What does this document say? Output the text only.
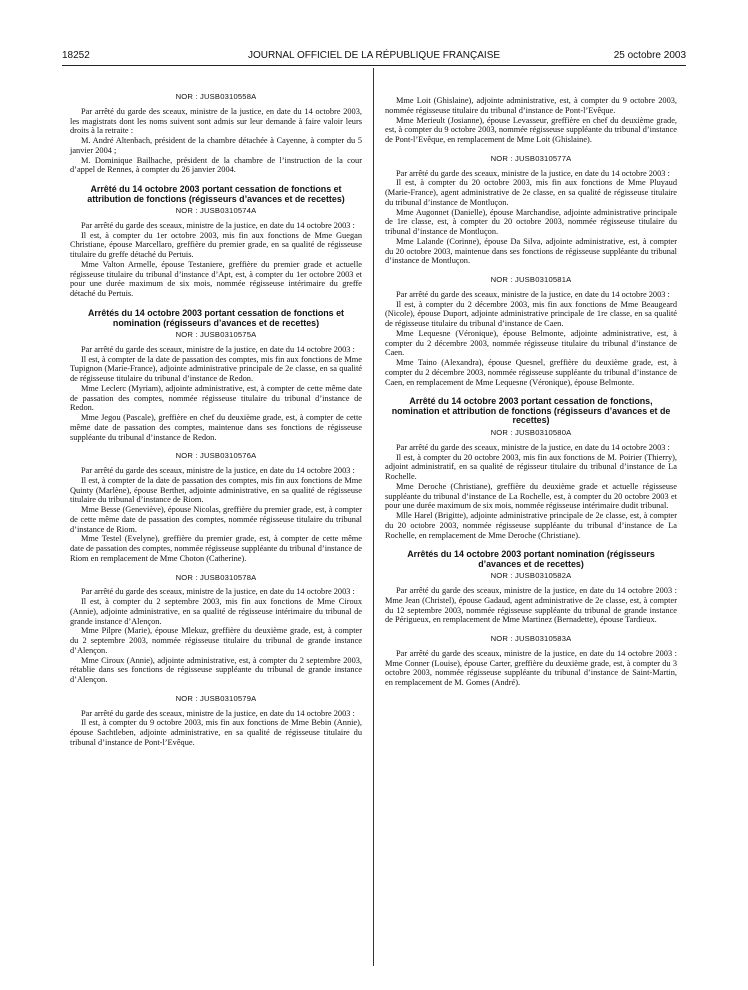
18252	JOURNAL OFFICIEL DE LA RÉPUBLIQUE FRANÇAISE	25 octobre 2003
NOR : JUSB0310558A

Par arrêté du garde des sceaux, ministre de la justice, en date du 14 octobre 2003, les magistrats dont les noms suivent sont admis sur leur demande à faire valoir leurs droits à la retraite :

M. André Altenbach, président de la chambre détachée à Cayenne, à compter du 5 janvier 2004 ;

M. Dominique Bailhache, président de la chambre de l’instruction de la cour d’appel de Rennes, à compter du 26 janvier 2004.

Arrêté du 14 octobre 2003 portant cessation de fonctions et attribution de fonctions (régisseurs d’avances et de recettes)
NOR : JUSB0310574A

Par arrêté du garde des sceaux, ministre de la justice, en date du 14 octobre 2003 :

Il est, à compter du 1er octobre 2003, mis fin aux fonctions de Mme Guegan Christiane, épouse Marcellaro, greffière du premier grade, en sa qualité de régisseuse titulaire du greffe détaché du Pertuis.

Mme Valton Armelle, épouse Testaniere, greffière du premier grade et actuelle régisseuse titulaire du tribunal d’instance d’Apt, est, à compter du 1er octobre 2003 et pour une durée maximum de six mois, nommée régisseuse intérimaire du greffe détaché du Pertuis.

Arrêtés du 14 octobre 2003 portant cessation de fonctions et nomination (régisseurs d’avances et de recettes)
NOR : JUSB0310575A

Par arrêté du garde des sceaux, ministre de la justice, en date du 14 octobre 2003 :

Il est, à compter de la date de passation des comptes, mis fin aux fonctions de Mme Tupignon (Marie-France), adjointe administrative principale de 2e classe, en sa qualité de régisseuse titulaire du tribunal d’instance de Redon.

Mme Leclerc (Myriam), adjointe administrative, est, à compter de cette même date de passation des comptes, nommée régisseuse titulaire du tribunal d’instance de Redon.

Mme Jegou (Pascale), greffière en chef du deuxième grade, est, à compter de cette même date de passation des comptes, maintenue dans ses fonctions de régisseuse suppléante du tribunal d’instance de Redon.

NOR : JUSB0310576A

Par arrêté du garde des sceaux, ministre de la justice, en date du 14 octobre 2003 :

Il est, à compter de la date de passation des comptes, mis fin aux fonctions de Mme Quinty (Marlène), épouse Berthet, adjointe administrative, en sa qualité de régisseuse titulaire du tribunal d’instance de Riom.

Mme Besse (Geneviève), épouse Nicolas, greffière du premier grade, est, à compter de cette même date de passation des comptes, nommée régisseuse titulaire du tribunal d’instance de Riom.

Mme Testel (Evelyne), greffière du premier grade, est, à compter de cette même date de passation des comptes, nommée régisseuse suppléante du tribunal d’instance de Riom en remplacement de Mme Choton (Catherine).

NOR : JUSB0310578A

Par arrêté du garde des sceaux, ministre de la justice, en date du 14 octobre 2003 :

Il est, à compter du 2 septembre 2003, mis fin aux fonctions de Mme Ciroux (Annie), adjointe administrative, en sa qualité de régisseuse intérimaire du tribunal de grande instance d’Alençon.

Mme Pilpre (Marie), épouse Mlekuz, greffière du deuxième grade, est, à compter du 2 septembre 2003, nommée régisseuse titulaire du tribunal de grande instance d’Alençon.

Mme Ciroux (Annie), adjointe administrative, est, à compter du 2 septembre 2003, rétablie dans ses fonctions de régisseuse suppléante du tribunal de grande instance d’Alençon.

NOR : JUSB0310579A

Par arrêté du garde des sceaux, ministre de la justice, en date du 14 octobre 2003 :

Il est, à compter du 9 octobre 2003, mis fin aux fonctions de Mme Bebin (Annie), épouse Sachtleben, adjointe administrative, en sa qualité de régisseuse titulaire du tribunal d’instance de Pont-l’Evêque.

Mme Loit (Ghislaine), adjointe administrative, est, à compter du 9 octobre 2003, nommée régisseuse titulaire du tribunal d’instance de Pont-l’Evêque.

Mme Merieult (Josianne), épouse Levasseur, greffière en chef du deuxième grade, est, à compter du 9 octobre 2003, nommée régisseuse suppléante du tribunal d’instance de Pont-l’Evêque, en remplacement de Mme Loit (Ghislaine).

NOR : JUSB0310577A

Par arrêté du garde des sceaux, ministre de la justice, en date du 14 octobre 2003 :

Il est, à compter du 20 octobre 2003, mis fin aux fonctions de Mme Pluyaud (Marie-France), agent administrative de 2e classe, en sa qualité de régisseuse titulaire du tribunal d’instance de Montluçon.

Mme Augonnet (Danielle), épouse Marchandise, adjointe administrative principale de 1re classe, est, à compter du 20 octobre 2003, nommée régisseuse titulaire du tribunal d’instance de Montluçon.

Mme Lalande (Corinne), épouse Da Silva, adjointe administrative, est, à compter du 20 octobre 2003, maintenue dans ses fonctions de régisseuse suppléante du tribunal d’instance de Montluçon.

NOR : JUSB0310581A

Par arrêté du garde des sceaux, ministre de la justice, en date du 14 octobre 2003 :

Il est, à compter du 2 décembre 2003, mis fin aux fonctions de Mme Beaugeard (Nicole), épouse Duport, adjointe administrative principale de 1re classe, en sa qualité de régisseuse titulaire du tribunal d’instance de Caen.

Mme Lequesne (Véronique), épouse Belmonte, adjointe administrative, est, à compter du 2 décembre 2003, nommée régisseuse titulaire du tribunal d’instance de Caen.

Mme Taino (Alexandra), épouse Quesnel, greffière du deuxième grade, est, à compter du 2 décembre 2003, nommée régisseuse suppléante du tribunal d’instance de Caen, en remplacement de Mme Lequesne (Véronique), épouse Belmonte.

Arrêté du 14 octobre 2003 portant cessation de fonctions, nomination et attribution de fonctions (régisseurs d’avances et de recettes)
NOR : JUSB0310580A

Par arrêté du garde des sceaux, ministre de la justice, en date du 14 octobre 2003 :

Il est, à compter du 20 octobre 2003, mis fin aux fonctions de M. Poirier (Thierry), adjoint administratif, en sa qualité de régisseur titulaire du tribunal d’instance de La Rochelle.

Mme Deroche (Christiane), greffière du deuxième grade et actuelle régisseuse suppléante du tribunal d’instance de La Rochelle, est, à compter du 20 octobre 2003 et pour une durée maximum de six mois, nommée régisseuse intérimaire dudit tribunal.

Mlle Harel (Brigitte), adjointe administrative principale de 2e classe, est, à compter du 20 octobre 2003, nommée régisseuse suppléante du tribunal d’instance de La Rochelle, en remplacement de Mme Deroche (Christiane).

Arrêtés du 14 octobre 2003 portant nomination (régisseurs d’avances et de recettes)
NOR : JUSB0310582A

Par arrêté du garde des sceaux, ministre de la justice, en date du 14 octobre 2003 : Mme Jean (Christel), épouse Gadaud, agent administrative de 2e classe, est, à compter du 12 septembre 2003, nommée régisseuse suppléante du tribunal de grande instance de Périgueux, en remplacement de Mme Martinez (Bernadette), épouse Tardieux.

NOR : JUSB0310583A

Par arrêté du garde des sceaux, ministre de la justice, en date du 14 octobre 2003 : Mme Conner (Louise), épouse Carter, greffière du deuxième grade, est, à compter du 3 octobre 2003, nommée régisseuse suppléante du tribunal d’instance de Saint-Martin, en remplacement de M. Gomes (André).
